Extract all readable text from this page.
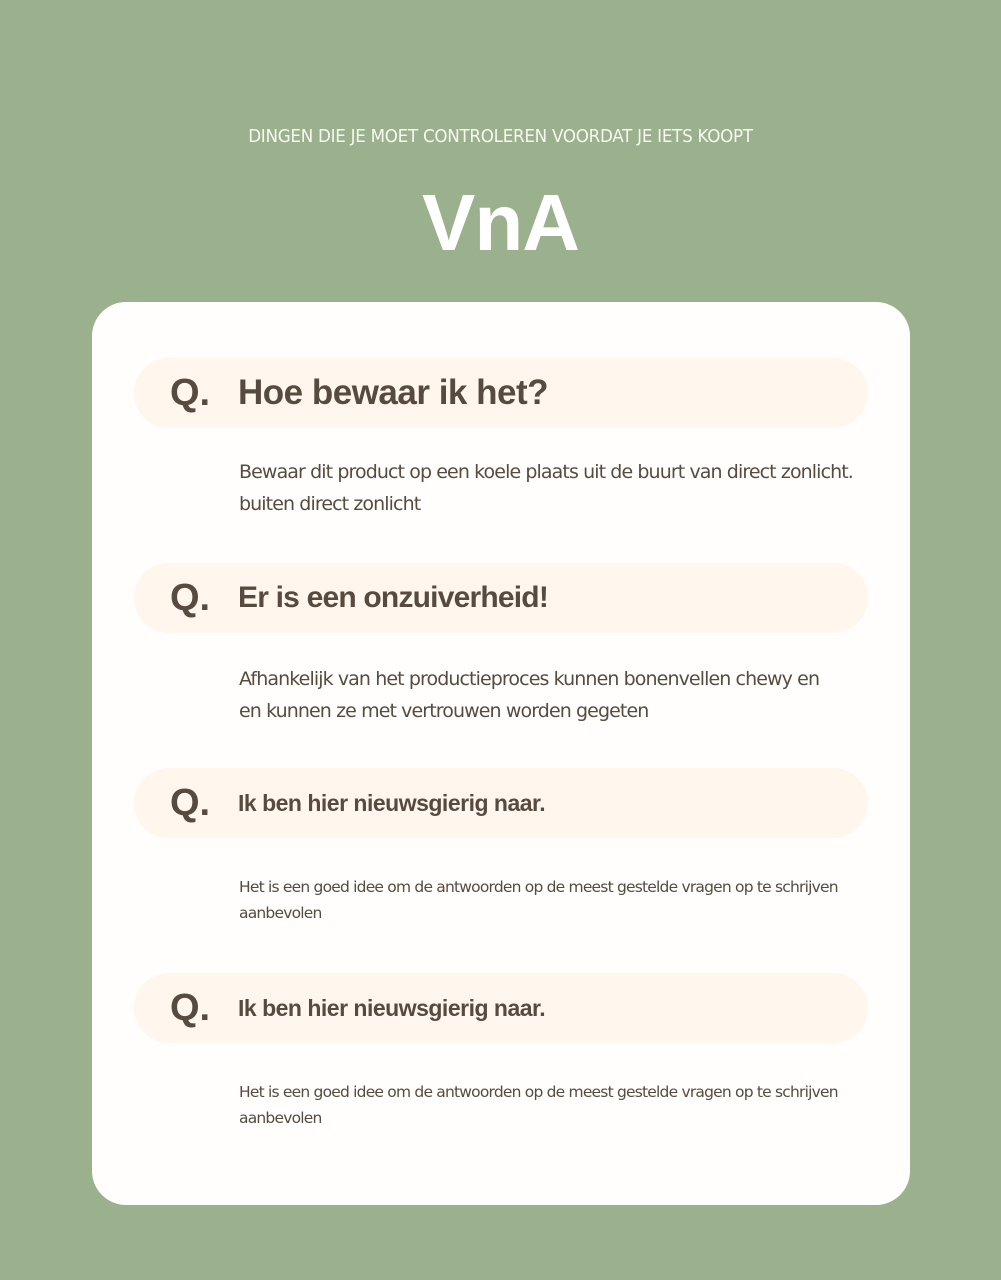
DINGEN DIE JE MOET CONTROLEREN VOORDAT JE IETS KOOPT
VnA
Q. Hoe bewaar ik het?
Bewaar dit product op een koele plaats uit de buurt van direct zonlicht.
buiten direct zonlicht
Q. Er is een onzuiverheid!
Afhankelijk van het productieproces kunnen bonenvellen chewy en
en kunnen ze met vertrouwen worden gegeten
Q. Ik ben hier nieuwsgierig naar.
Het is een goed idee om de antwoorden op de meest gestelde vragen op te schrijven
aanbevolen
Q. Ik ben hier nieuwsgierig naar.
Het is een goed idee om de antwoorden op de meest gestelde vragen op te schrijven
aanbevolen
